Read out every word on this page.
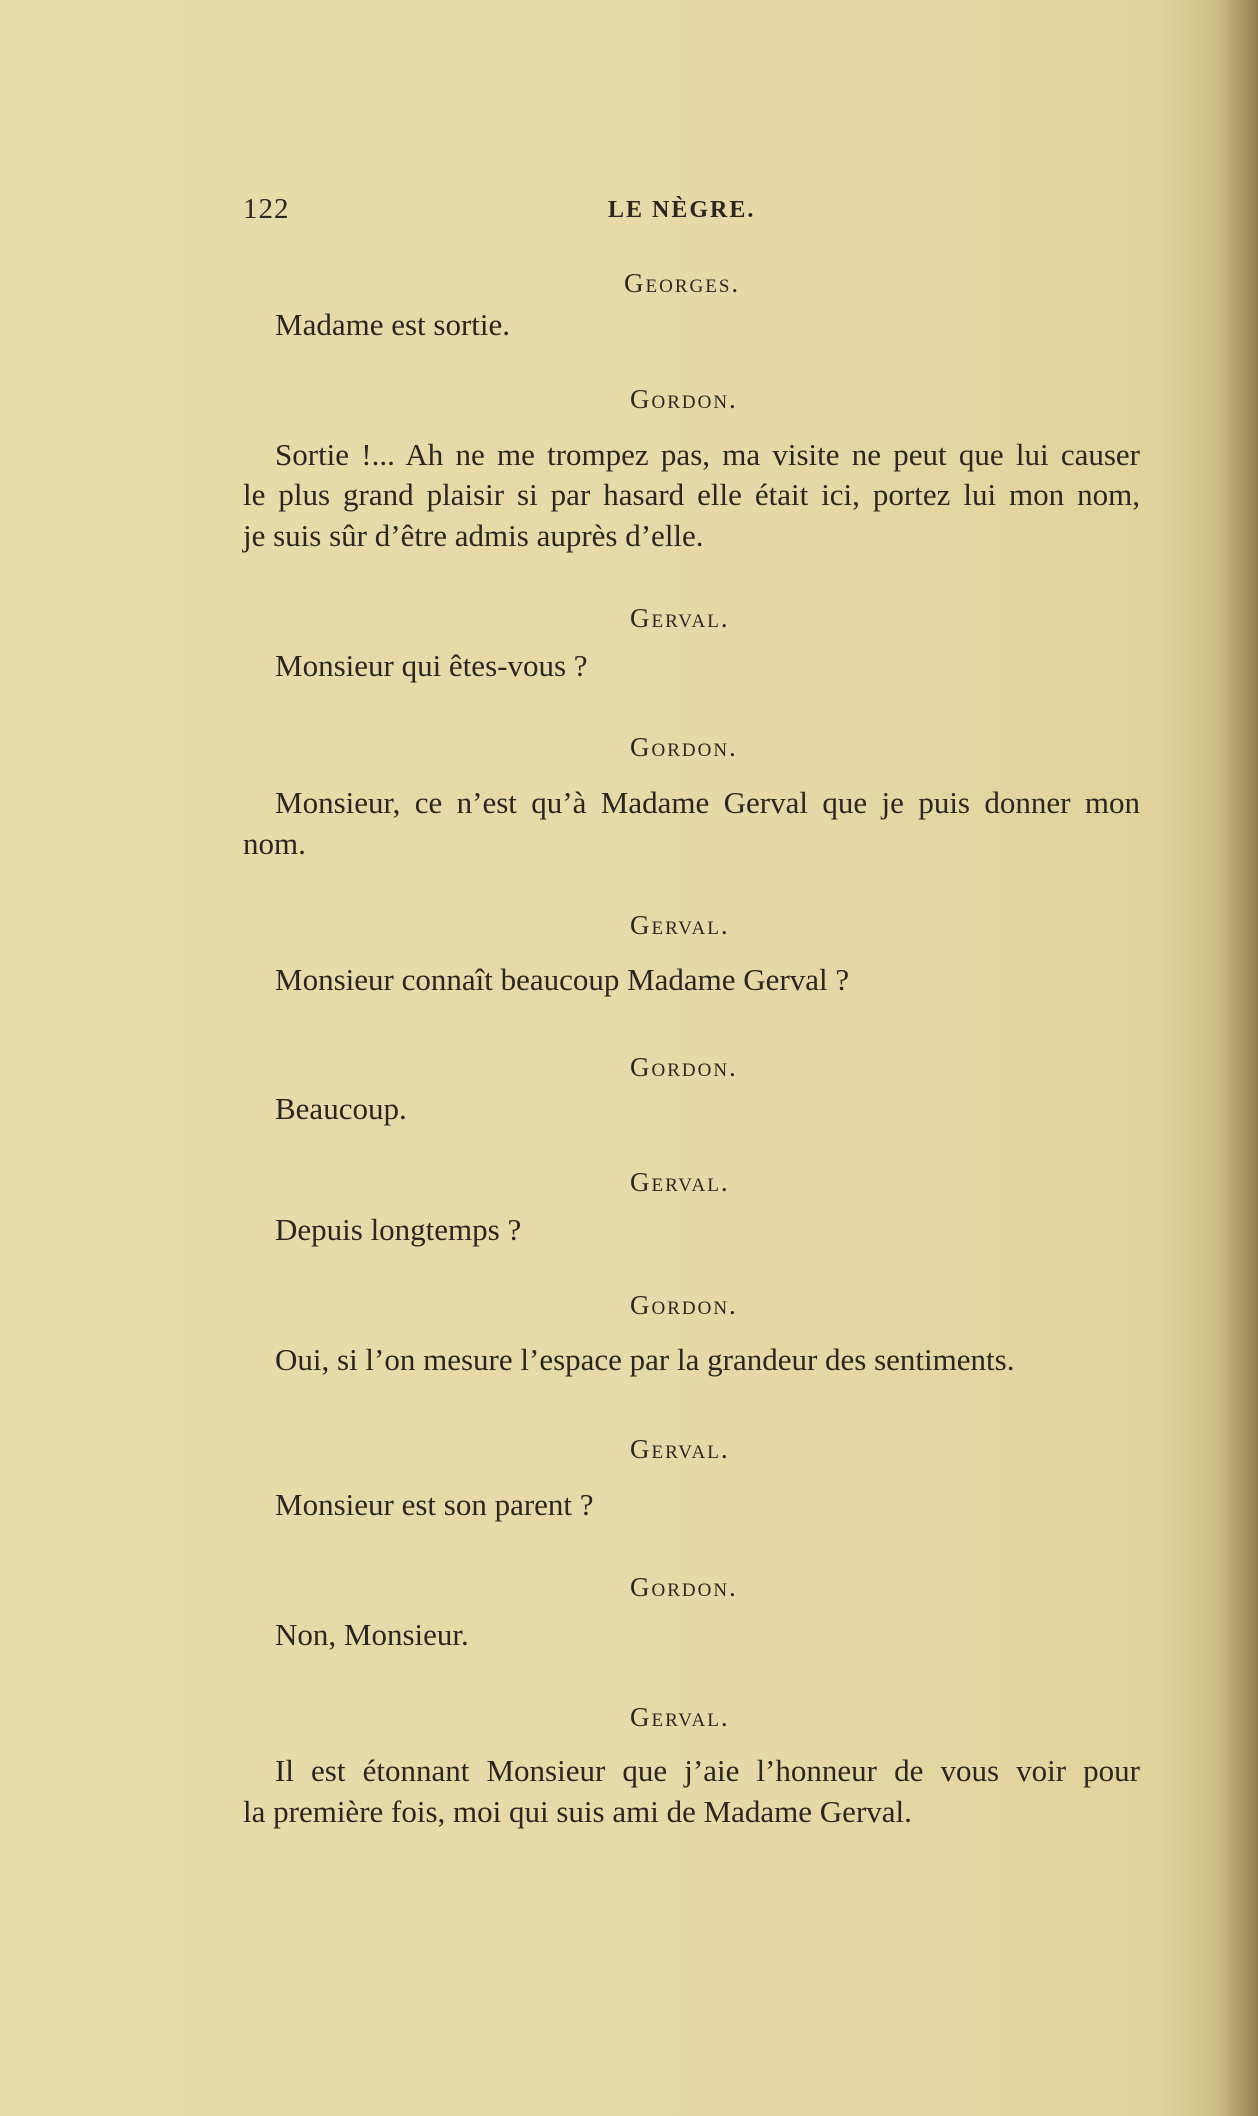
122	LE NÈGRE.
Georges.
Madame est sortie.
Gordon.
Sortie !... Ah ne me trompez pas, ma visite ne peut que lui causer
le plus grand plaisir si par hasard elle était ici, portez lui mon nom,
je suis sûr d’être admis auprès d’elle.
Gerval.
Monsieur qui êtes-vous ?
Gordon.
Monsieur, ce n’est qu’à Madame Gerval que je puis donner mon
nom.
Gerval.
Monsieur connaît beaucoup Madame Gerval ?
Gordon.
Beaucoup.
Gerval.
Depuis longtemps ?
Gordon.
Oui, si l’on mesure l’espace par la grandeur des sentiments.
Gerval.
Monsieur est son parent ?
Gordon.
Non, Monsieur.
Gerval.
Il est étonnant Monsieur que j’aie l’honneur de vous voir pour
la première fois, moi qui suis ami de Madame Gerval.
